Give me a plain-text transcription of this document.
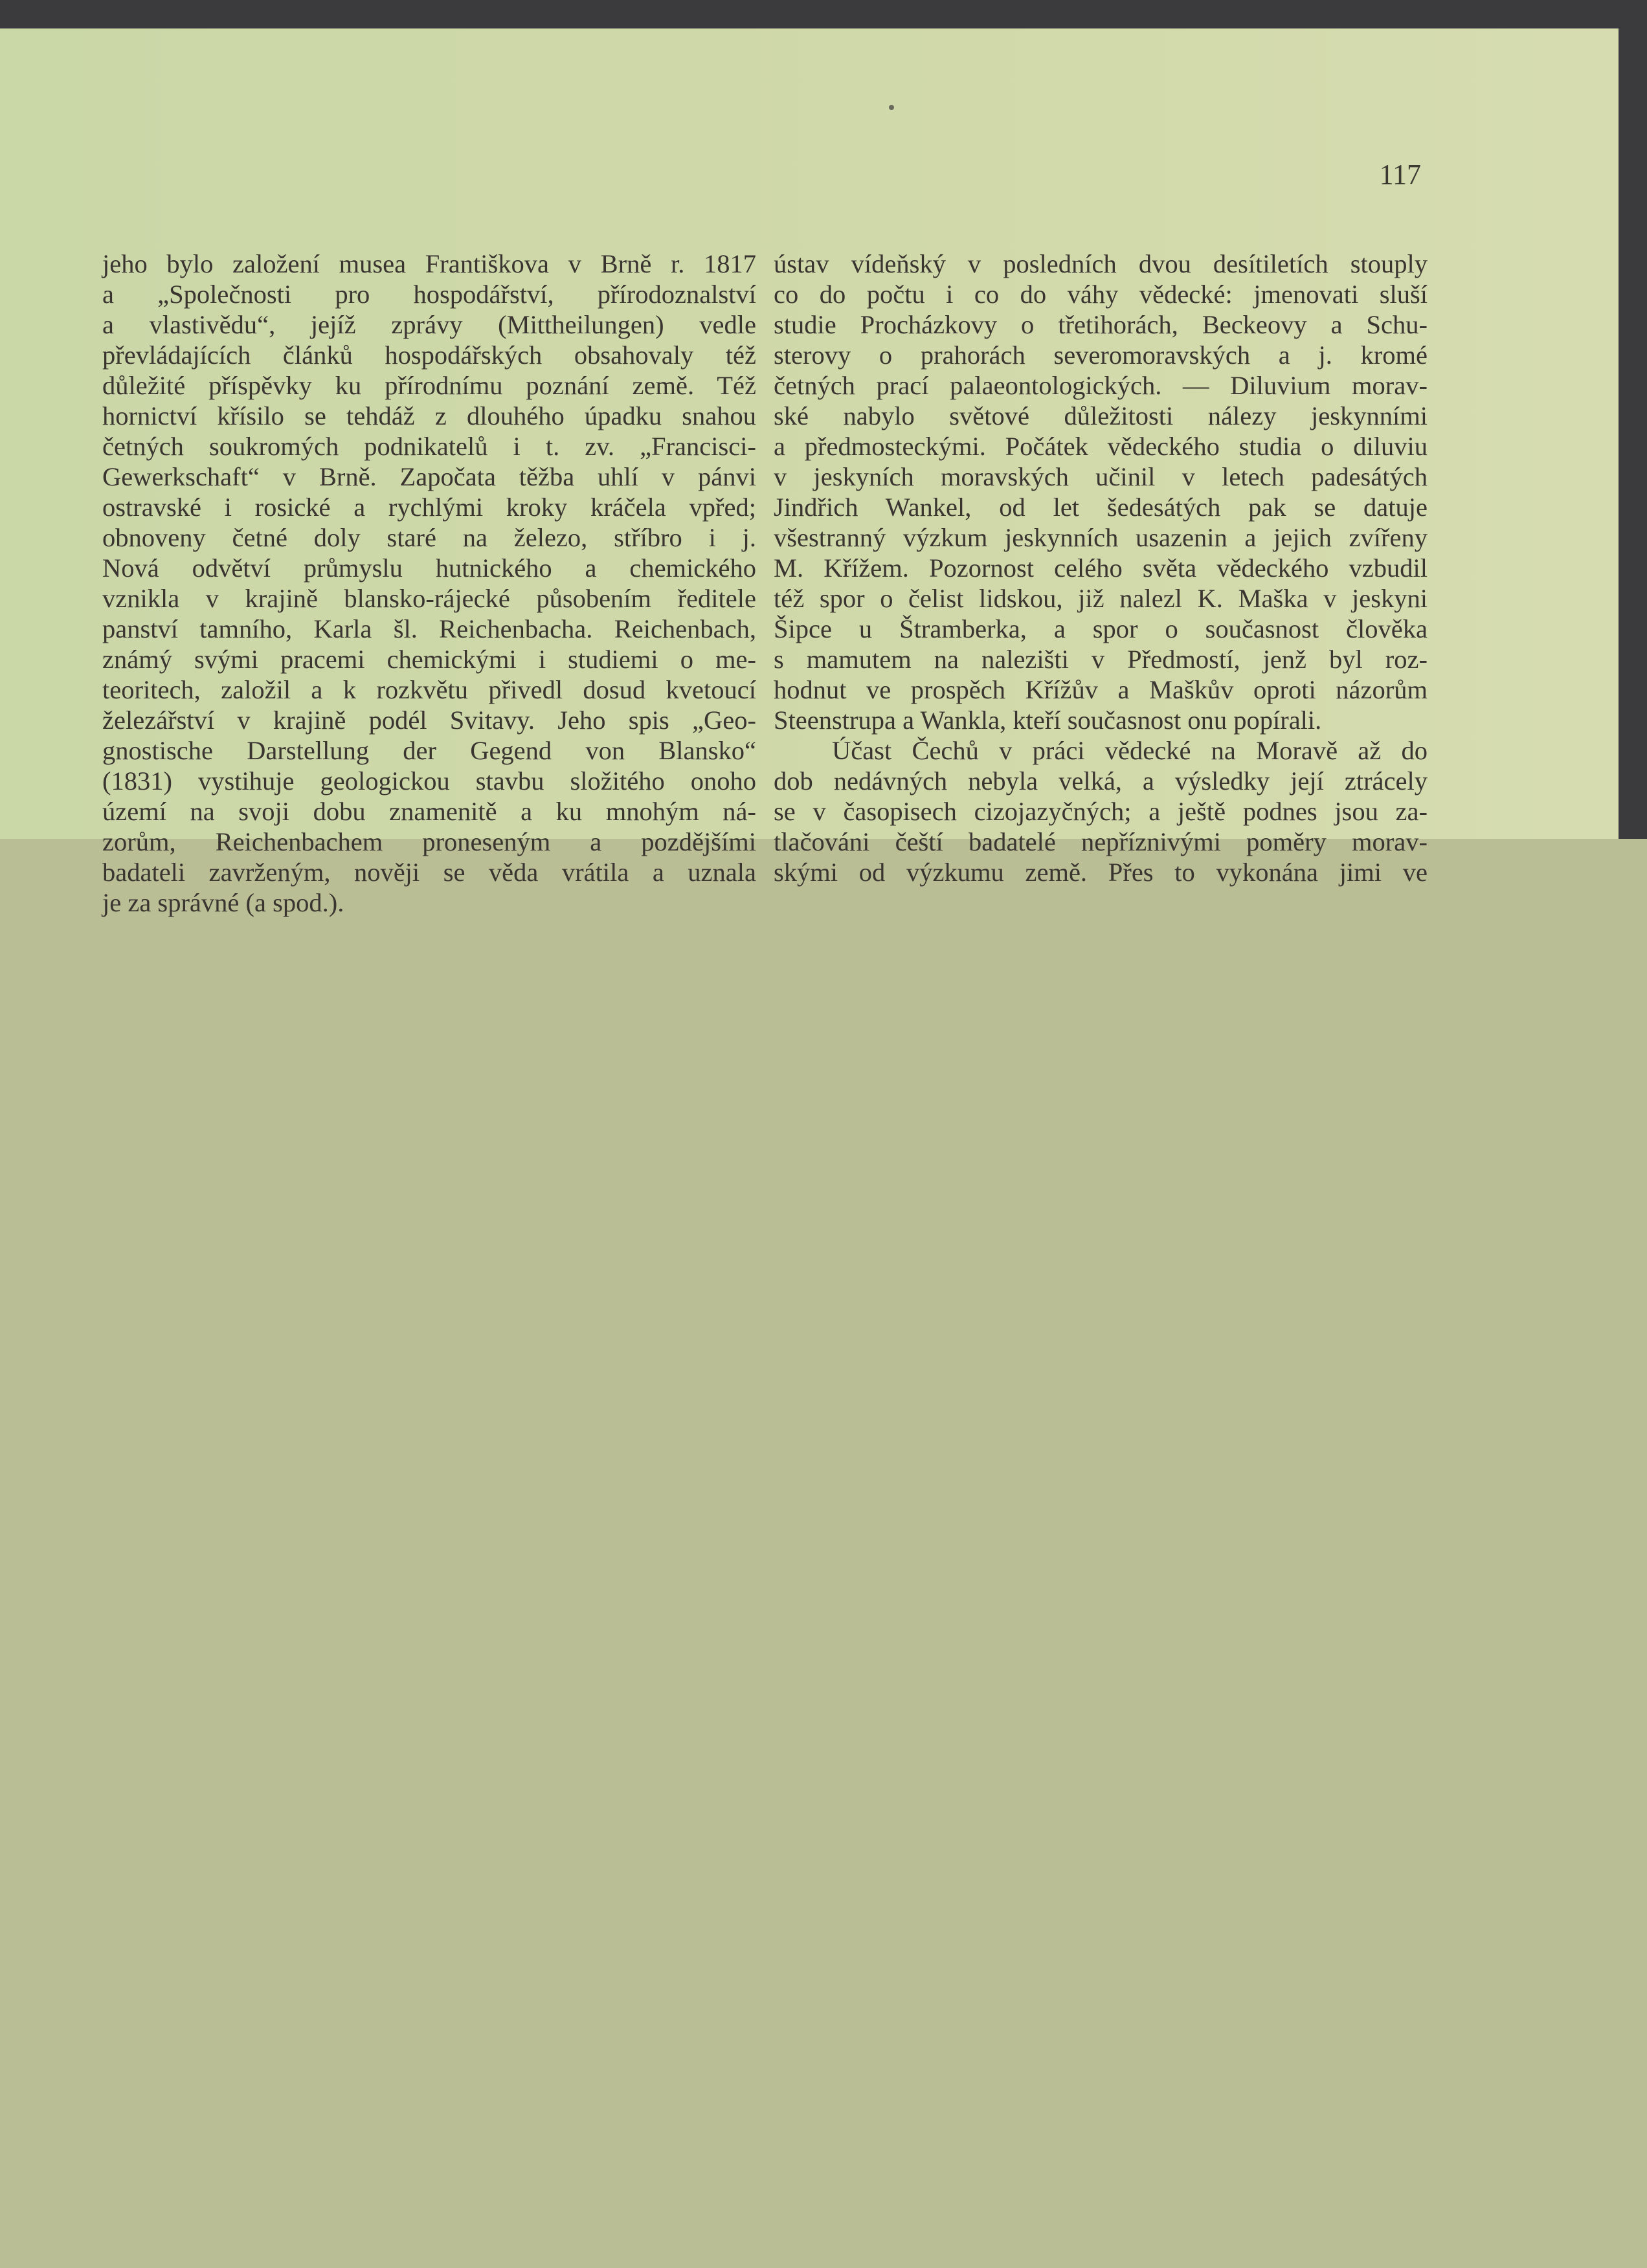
117
jeho bylo založení musea Františkova v Brně r. 1817
a „Společnosti pro hospodářství, přírodoznalství
a vlastivědu“, jejíž zprávy (Mittheilungen) vedle
převládajících článků hospodářských obsahovaly též
důležité příspěvky ku přírodnímu poznání země. Též
hornictví křísilo se tehdáž z dlouhého úpadku snahou
četných soukromých podnikatelů i t. zv. „Francisci-
Gewerkschaft“ v Brně. Započata těžba uhlí v pánvi
ostravské i rosické a rychlými kroky kráčela vpřed;
obnoveny četné doly staré na železo, stříbro i j.
Nová odvětví průmyslu hutnického a chemického
vznikla v krajině blansko-rájecké působením ředitele
panství tamního, Karla šl. Reichenbacha. Reichenbach,
známý svými pracemi chemickými i studiemi o me-
teoritech, založil a k rozkvětu přivedl dosud kvetoucí
železářství v krajině podél Svitavy. Jeho spis „Geo-
gnostische Darstellung der Gegend von Blansko“
(1831) vystihuje geologickou stavbu složitého onoho
území na svoji dobu znamenitě a ku mnohým ná-
zorům, Reichenbachem proneseným a pozdějšími
badateli zavrženým, nověji se věda vrátila a uznala
je za správné (a spod.).
ústav vídeňský v posledních dvou desítiletích stouply
co do počtu i co do váhy vědecké: jmenovati sluší
studie Procházkovy o třetihorách, Beckeovy a Schu-
sterovy o prahorách severomoravských a j. kromé
četných prací palaeontologických. — Diluvium morav-
ské nabylo světové důležitosti nálezy jeskynními
a předmosteckými. Počátek vědeckého studia o diluviu
v jeskyních moravských učinil v letech padesátých
Jindřich Wankel, od let šedesátých pak se datuje
všestranný výzkum jeskynních usazenin a jejich zvířeny
M. Křížem. Pozornost celého světa vědeckého vzbudil
též spor o čelist lidskou, již nalezl K. Maška v jeskyni
Šipce u Štramberka, a spor o současnost člověka
s mamutem na nalezišti v Předmostí, jenž byl roz-
hodnut ve prospěch Křížův a Maškův oproti názorům
Steenstrupa a Wankla, kteří současnost onu popírali.
Účast Čechů v práci vědecké na Moravě až do
dob nedávných nebyla velká, a výsledky její ztrácely
se v časopisech cizojazyčných; a ještě podnes jsou za-
tlačováni čeští badatelé nepříznivými poměry morav-
skými od výzkumu země. Přes to vykonána jimi ve
